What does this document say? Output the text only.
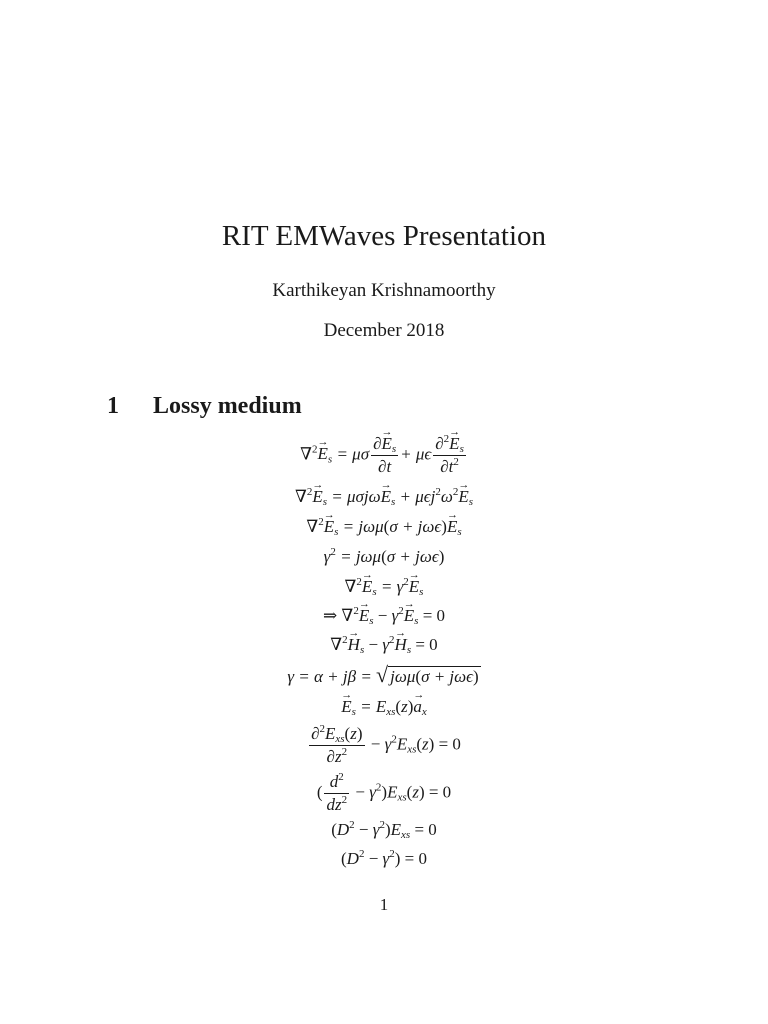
RIT EMWaves Presentation
Karthikeyan Krishnamoorthy
December 2018
1 Lossy medium
$\nabla^2\to E_s = \mu\sigma \frac{\partial\to E_s}{\partial t} + \mu\epsilon \frac{\partial^2\to E_s}{\partial t^2}$
$\nabla^2\to E_s = \mu\sigma j\omega\to E_s + \mu\epsilon j^2\omega^2\to E_s$
$\nabla^2\to E_s = j\omega\mu(\sigma + j\omega\epsilon)\to E_s$
$\gamma^2 = j\omega\mu(\sigma + j\omega\epsilon)$
$\nabla^2\to E_s = \gamma^2\to E_s$
⇒ $\nabla^2\to E_s - \gamma^2\to E_s = 0$
$\nabla^2\to H_s - \gamma^2\to H_s = 0$
γ = α + jβ = √ jωμ(σ + jωϵ)
→ $E_s = E_{xs}(z)\to a_x$
$\frac{\partial^2E_{xs}(z)}{\partial z^2} - \gamma^2E_{xs}(z) = 0$
( $\frac{d^2}{dz^2} - \gamma^2)E_{xs}(z) = 0$
$(D^2 - \gamma^2)E_{xs} = 0$
$(D^2 - \gamma^2) = 0$
1
